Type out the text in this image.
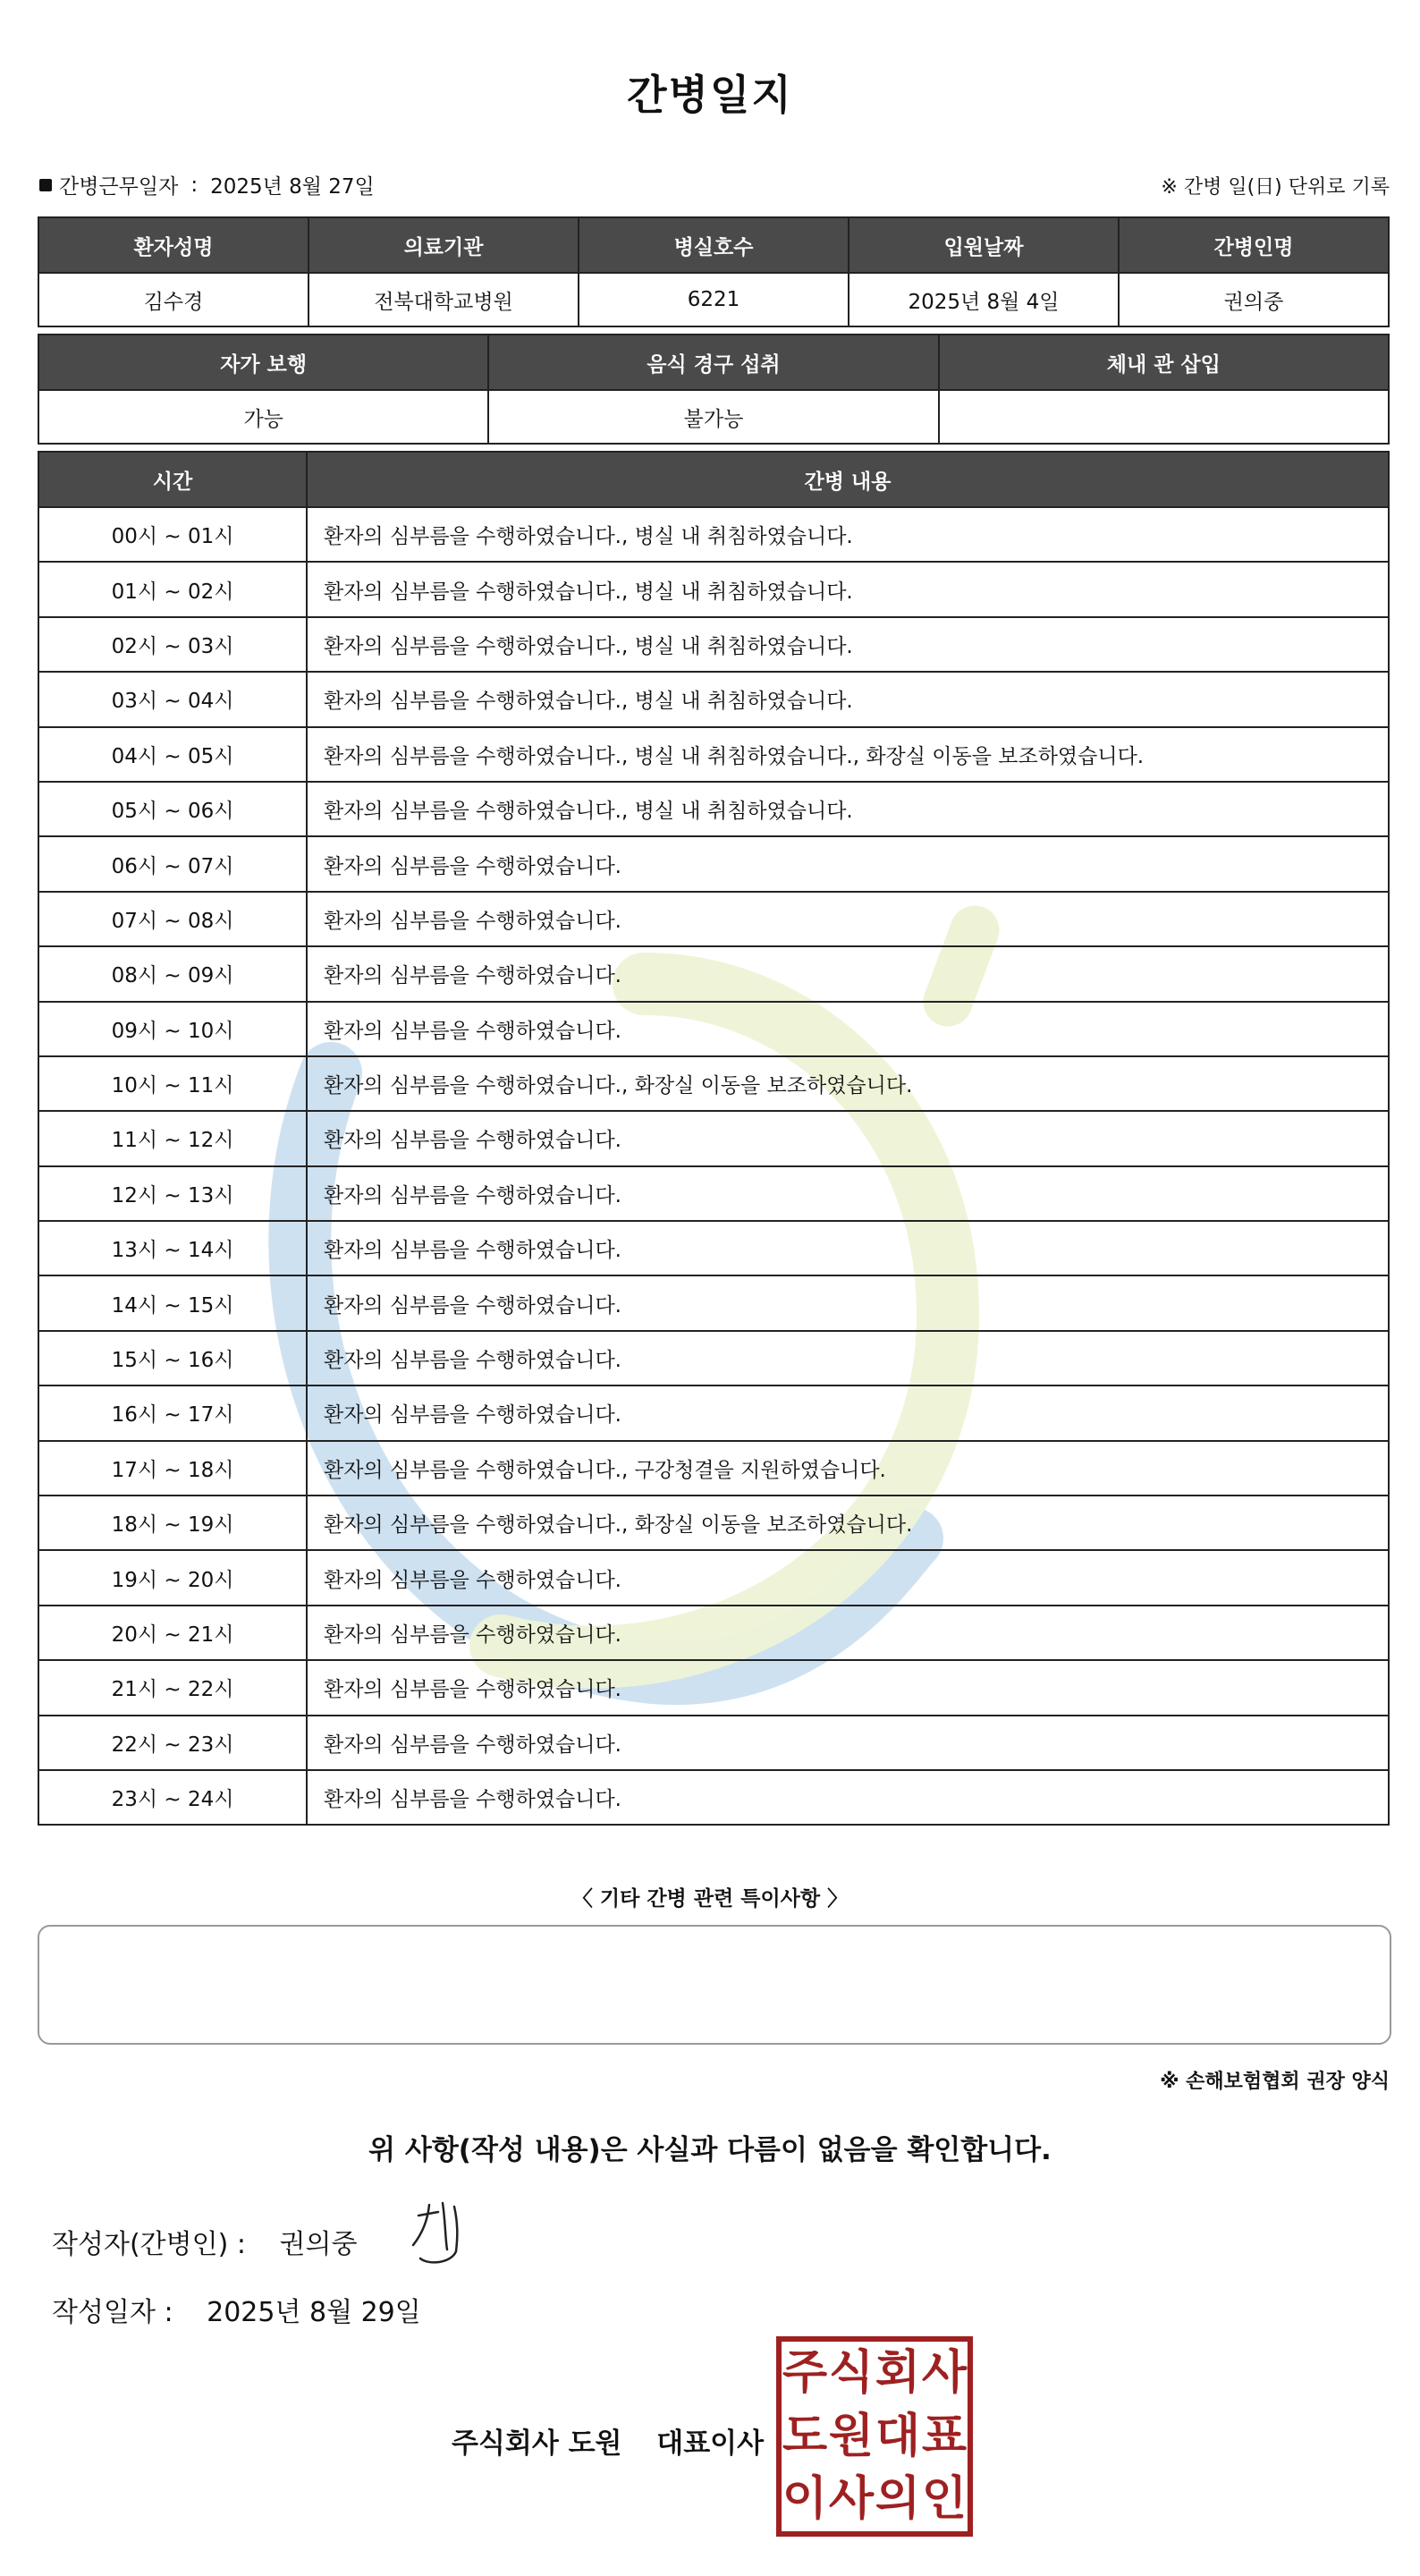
간병일지
간병근무일자 : 2025년 8월 27일	※ 간병 일(日) 단위로 기록
환자성명	의료기관	병실호수	입원날짜	간병인명
김수경	전북대학교병원	6221	2025년 8월 4일	권의중
자가 보행	음식 경구 섭취	체내 관 삽입
가능	불가능	
시간	간병 내용
00시 ~ 01시	환자의 심부름을 수행하였습니다., 병실 내 취침하였습니다.
01시 ~ 02시	환자의 심부름을 수행하였습니다., 병실 내 취침하였습니다.
02시 ~ 03시	환자의 심부름을 수행하였습니다., 병실 내 취침하였습니다.
03시 ~ 04시	환자의 심부름을 수행하였습니다., 병실 내 취침하였습니다.
04시 ~ 05시	환자의 심부름을 수행하였습니다., 병실 내 취침하였습니다., 화장실 이동을 보조하였습니다.
05시 ~ 06시	환자의 심부름을 수행하였습니다., 병실 내 취침하였습니다.
06시 ~ 07시	환자의 심부름을 수행하였습니다.
07시 ~ 08시	환자의 심부름을 수행하였습니다.
08시 ~ 09시	환자의 심부름을 수행하였습니다.
09시 ~ 10시	환자의 심부름을 수행하였습니다.
10시 ~ 11시	환자의 심부름을 수행하였습니다., 화장실 이동을 보조하였습니다.
11시 ~ 12시	환자의 심부름을 수행하였습니다.
12시 ~ 13시	환자의 심부름을 수행하였습니다.
13시 ~ 14시	환자의 심부름을 수행하였습니다.
14시 ~ 15시	환자의 심부름을 수행하였습니다.
15시 ~ 16시	환자의 심부름을 수행하였습니다.
16시 ~ 17시	환자의 심부름을 수행하였습니다.
17시 ~ 18시	환자의 심부름을 수행하였습니다., 구강청결을 지원하였습니다.
18시 ~ 19시	환자의 심부름을 수행하였습니다., 화장실 이동을 보조하였습니다.
19시 ~ 20시	환자의 심부름을 수행하였습니다.
20시 ~ 21시	환자의 심부름을 수행하였습니다.
21시 ~ 22시	환자의 심부름을 수행하였습니다.
22시 ~ 23시	환자의 심부름을 수행하였습니다.
23시 ~ 24시	환자의 심부름을 수행하였습니다.
〈 기타 간병 관련 특이사항 〉
※ 손해보험협회 권장 양식
위 사항(작성 내용)은 사실과 다름이 없음을 확인합니다.
작성자(간병인) : 권의중
작성일자 : 2025년 8월 29일
주식회사 도원 대표이사
주 식 회 사
도 원 대 표
이 사 의 인
